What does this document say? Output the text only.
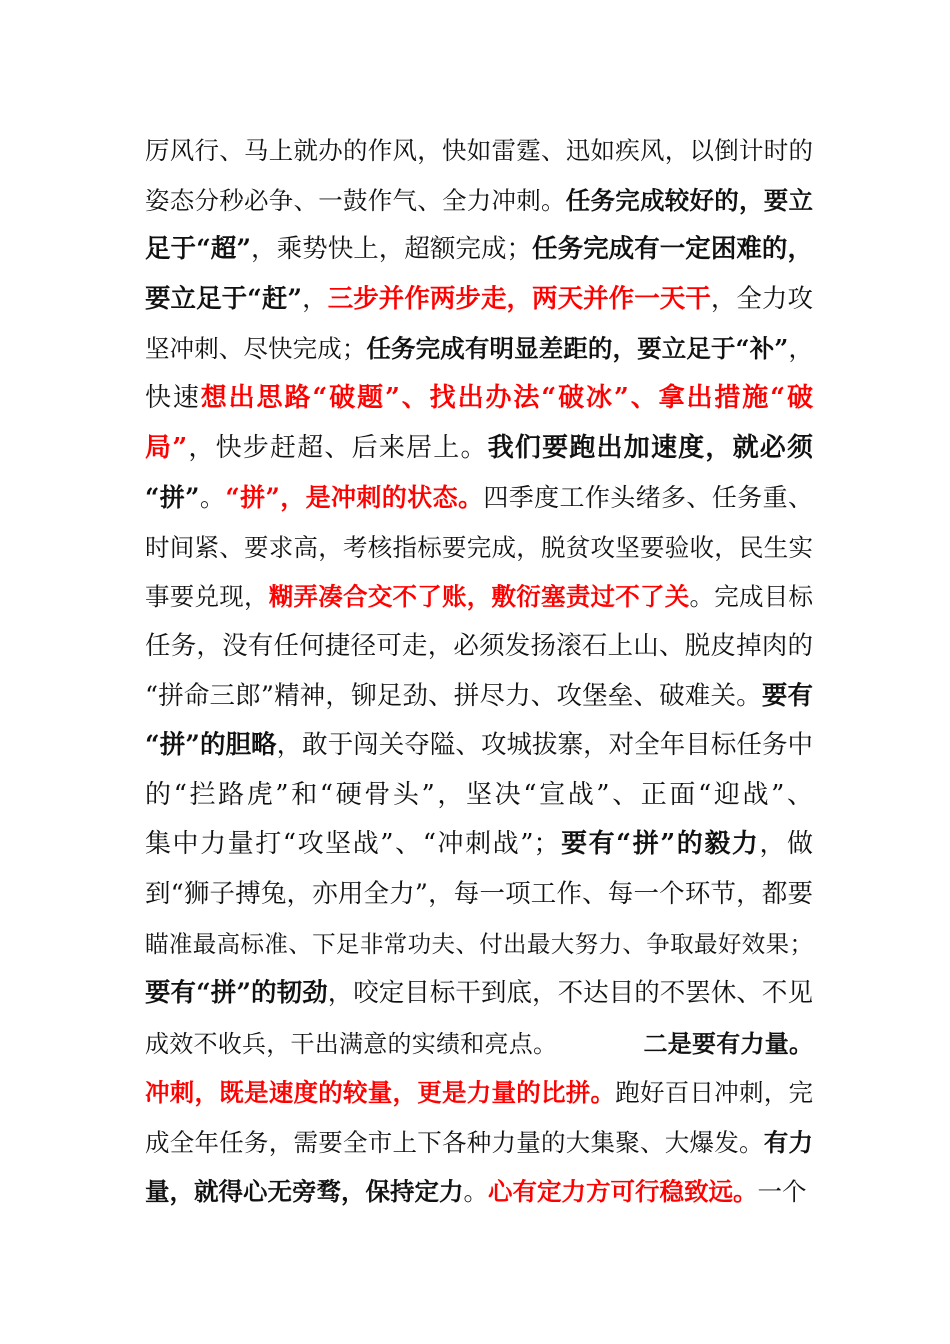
厉风行、马上就办的作风，快如雷霆、迅如疾风，以倒计时的
姿态分秒必争、一鼓作气、全力冲刺。任务完成较好的，要立
足于“超”，乘势快上，超额完成；任务完成有一定困难的，
要立足于“赶”，三步并作两步走，两天并作一天干，全力攻
坚冲刺、尽快完成；任务完成有明显差距的，要立足于“补”，
快速想出思路“破题”、找出办法“破冰”、拿出措施“破
局”，快步赶超、后来居上。我们要跑出加速度，就必须
“拼”。“拼”，是冲刺的状态。四季度工作头绪多、任务重、
时间紧、要求高，考核指标要完成，脱贫攻坚要验收，民生实
事要兑现，糊弄凑合交不了账，敷衍塞责过不了关。完成目标
任务，没有任何捷径可走，必须发扬滚石上山、脱皮掉肉的
“拼命三郎”精神，铆足劲、拼尽力、攻堡垒、破难关。要有
“拼”的胆略，敢于闯关夺隘、攻城拔寨，对全年目标任务中
的“拦路虎”和“硬骨头”，坚决“宣战”、正面“迎战”、
集中力量打“攻坚战”、“冲刺战”；要有“拼”的毅力，做
到“狮子搏兔，亦用全力”，每一项工作、每一个环节，都要
瞄准最高标准、下足非常功夫、付出最大努力、争取最好效果；
要有“拼”的韧劲，咬定目标干到底，不达目的不罢休、不见
成效不收兵，干出满意的实绩和亮点。	二是要有力量。
冲刺，既是速度的较量，更是力量的比拼。跑好百日冲刺，完
成全年任务，需要全市上下各种力量的大集聚、大爆发。有力
量，就得心无旁骛，保持定力。心有定力方可行稳致远。一个
